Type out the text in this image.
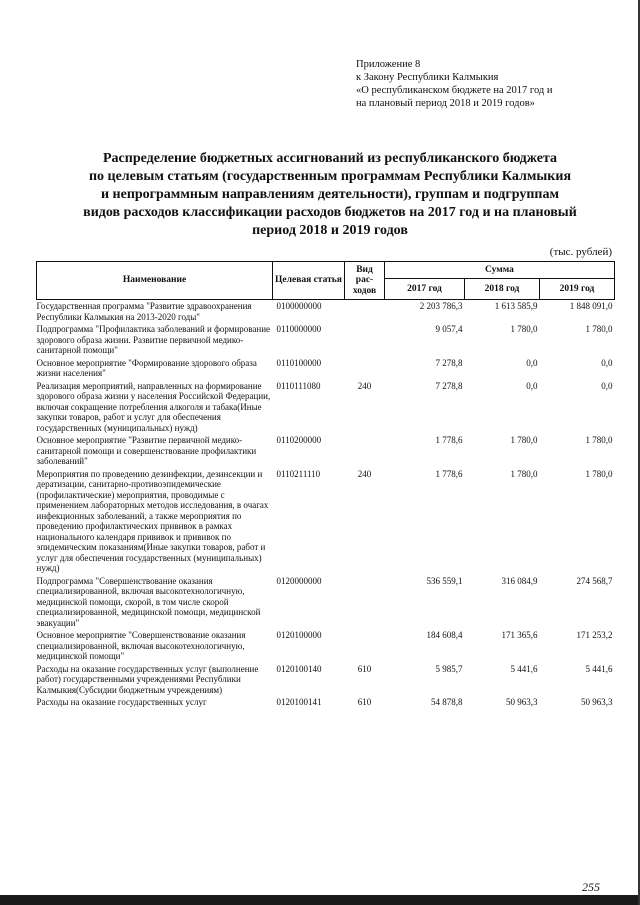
Приложение 8
к Закону Республики Калмыкия
«О республиканском бюджете на 2017 год и
на плановый период 2018 и 2019 годов»
Распределение бюджетных ассигнований из республиканского бюджета
по целевым статьям (государственным программам Республики Калмыкия
и непрограммным направлениям деятельности), группам и подгруппам
видов расходов классификации расходов бюджетов на 2017 год и на плановый
период 2018 и 2019 годов
(тыс. рублей)
Наименование	Целевая статья	Вид рас-ходов	Сумма		
			2017 год	2018 год	2019 год
Государственная программа "Развитие здравоохранения Республики Калмыкия на 2013-2020 годы"	0100000000		2 203 786,3	1 613 585,9	1 848 091,0
Подпрограмма "Профилактика заболеваний и формирование здорового образа жизни. Развитие первичной медико-санитарной помощи"	0110000000		9 057,4	1 780,0	1 780,0
Основное мероприятие "Формирование здорового образа жизни населения"	0110100000		7 278,8	0,0	0,0
Реализация мероприятий, направленных на формирование здорового образа жизни у населения Российской Федерации, включая сокращение потребления алкоголя и табака(Иные закупки товаров, работ и услуг для обеспечения государственных (муниципальных) нужд)	0110111080	240	7 278,8	0,0	0,0
Основное мероприятие "Развитие первичной медико-санитарной помощи и совершенствование профилактики заболеваний"	0110200000		1 778,6	1 780,0	1 780,0
Мероприятия по проведению дезинфекции, дезинсекции и дератизации, санитарно-противоэпидемические (профилактические) мероприятия, проводимые с применением лабораторных методов исследования, в очагах инфекционных заболеваний, а также мероприятия по проведению профилактических прививок в рамках национального календаря прививок и прививок по эпидемическим показаниям(Иные закупки товаров, работ и услуг для обеспечения государственных (муниципальных) нужд)	0110211110	240	1 778,6	1 780,0	1 780,0
Подпрограмма "Совершенствование оказания специализированной, включая высокотехнологичную, медицинской помощи, скорой, в том числе скорой специализированной, медицинской помощи, медицинской эвакуации"	0120000000		536 559,1	316 084,9	274 568,7
Основное мероприятие "Совершенствование оказания специализированной, включая высокотехнологичную, медицинской помощи"	0120100000		184 608,4	171 365,6	171 253,2
Расходы на оказание государственных услуг (выполнение работ) государственными учреждениями Республики Калмыкия(Субсидии бюджетным учреждениям)	0120100140	610	5 985,7	5 441,6	5 441,6
Расходы на оказание государственных услуг	0120100141	610	54 878,8	50 963,3	50 963,3
255
